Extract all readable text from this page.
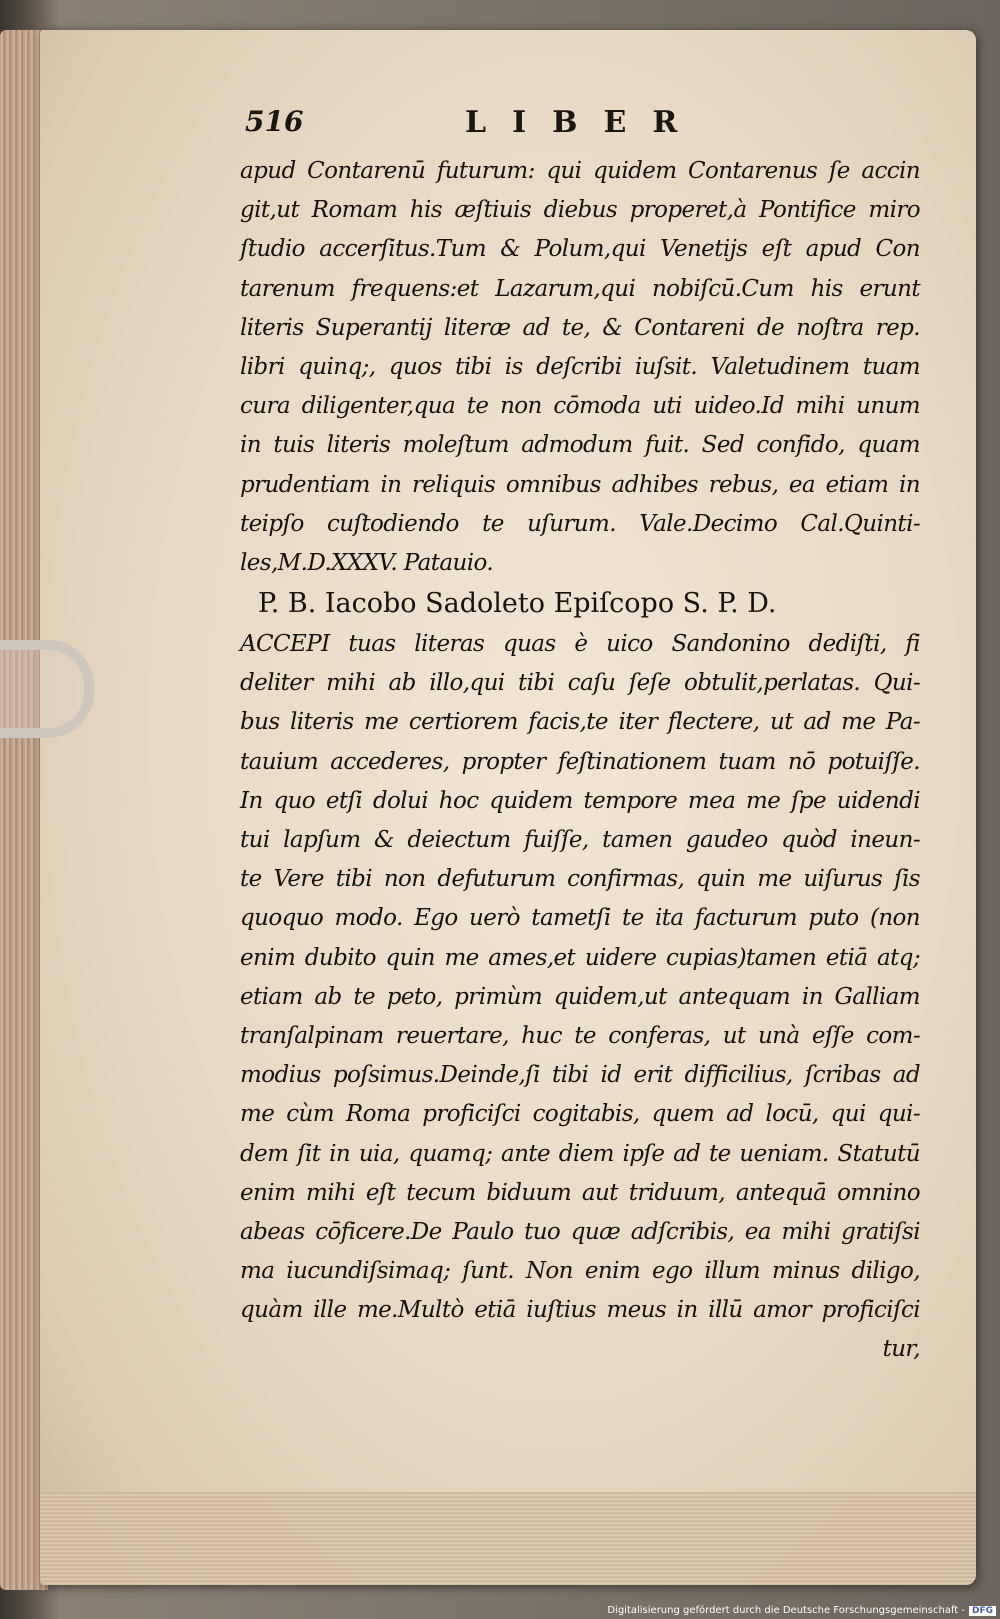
516	LIBER
apud Contarenū futurum: qui quidem Contarenus ſe accin
git,ut Romam his æſtiuis diebus properet,à Pontifice miro
ſtudio accerſitus.Tum & Polum,qui Venetijs eſt apud Con
tarenum frequens:et Lazarum,qui nobiſcū.Cum his erunt
literis Superantij literæ ad te, & Contareni de noſtra rep.
libri quinq;, quos tibi is deſcribi iuſsit. Valetudinem tuam
cura diligenter,qua te non cōmoda uti uideo.Id mihi unum
in tuis literis moleſtum admodum fuit. Sed confido, quam
prudentiam in reliquis omnibus adhibes rebus, ea etiam in
teipſo cuſtodiendo te uſurum. Vale.Decimo Cal.Quinti-
les,M.D.XXXV. Patauio.
P. B. Iacobo Sadoleto Epiſcopo S. P. D.
ACCEPI tuas literas quas è uico Sandonino dediſti, fi
deliter mihi ab illo,qui tibi caſu ſeſe obtulit,perlatas. Qui-
bus literis me certiorem facis,te iter flectere, ut ad me Pa-
tauium accederes, propter feſtinationem tuam nō potuiſſe.
In quo etſi dolui hoc quidem tempore mea me ſpe uidendi
tui lapſum & deiectum fuiſſe, tamen gaudeo quòd ineun-
te Vere tibi non defuturum confirmas, quin me uiſurus ſis
quoquo modo. Ego uerò tametſi te ita facturum puto (non
enim dubito quin me ames,et uidere cupias)tamen etiā atq;
etiam ab te peto, primùm quidem,ut antequam in Galliam
tranſalpinam reuertare, huc te conferas, ut unà eſſe com-
modius poſsimus.Deinde,ſi tibi id erit difficilius, ſcribas ad
me cùm Roma proficiſci cogitabis, quem ad locū, qui qui-
dem ſit in uia, quamq; ante diem ipſe ad te ueniam. Statutū
enim mihi eſt tecum biduum aut triduum, antequā omnino
abeas cōficere.De Paulo tuo quæ adſcribis, ea mihi gratiſsi
ma iucundiſsimaq; ſunt. Non enim ego illum minus diligo,
quàm ille me.Multò etiā iuſtius meus in illū amor proficiſci
tur,
Digitalisierung gefördert durch die Deutsche Forschungsgemeinschaft - DFG
